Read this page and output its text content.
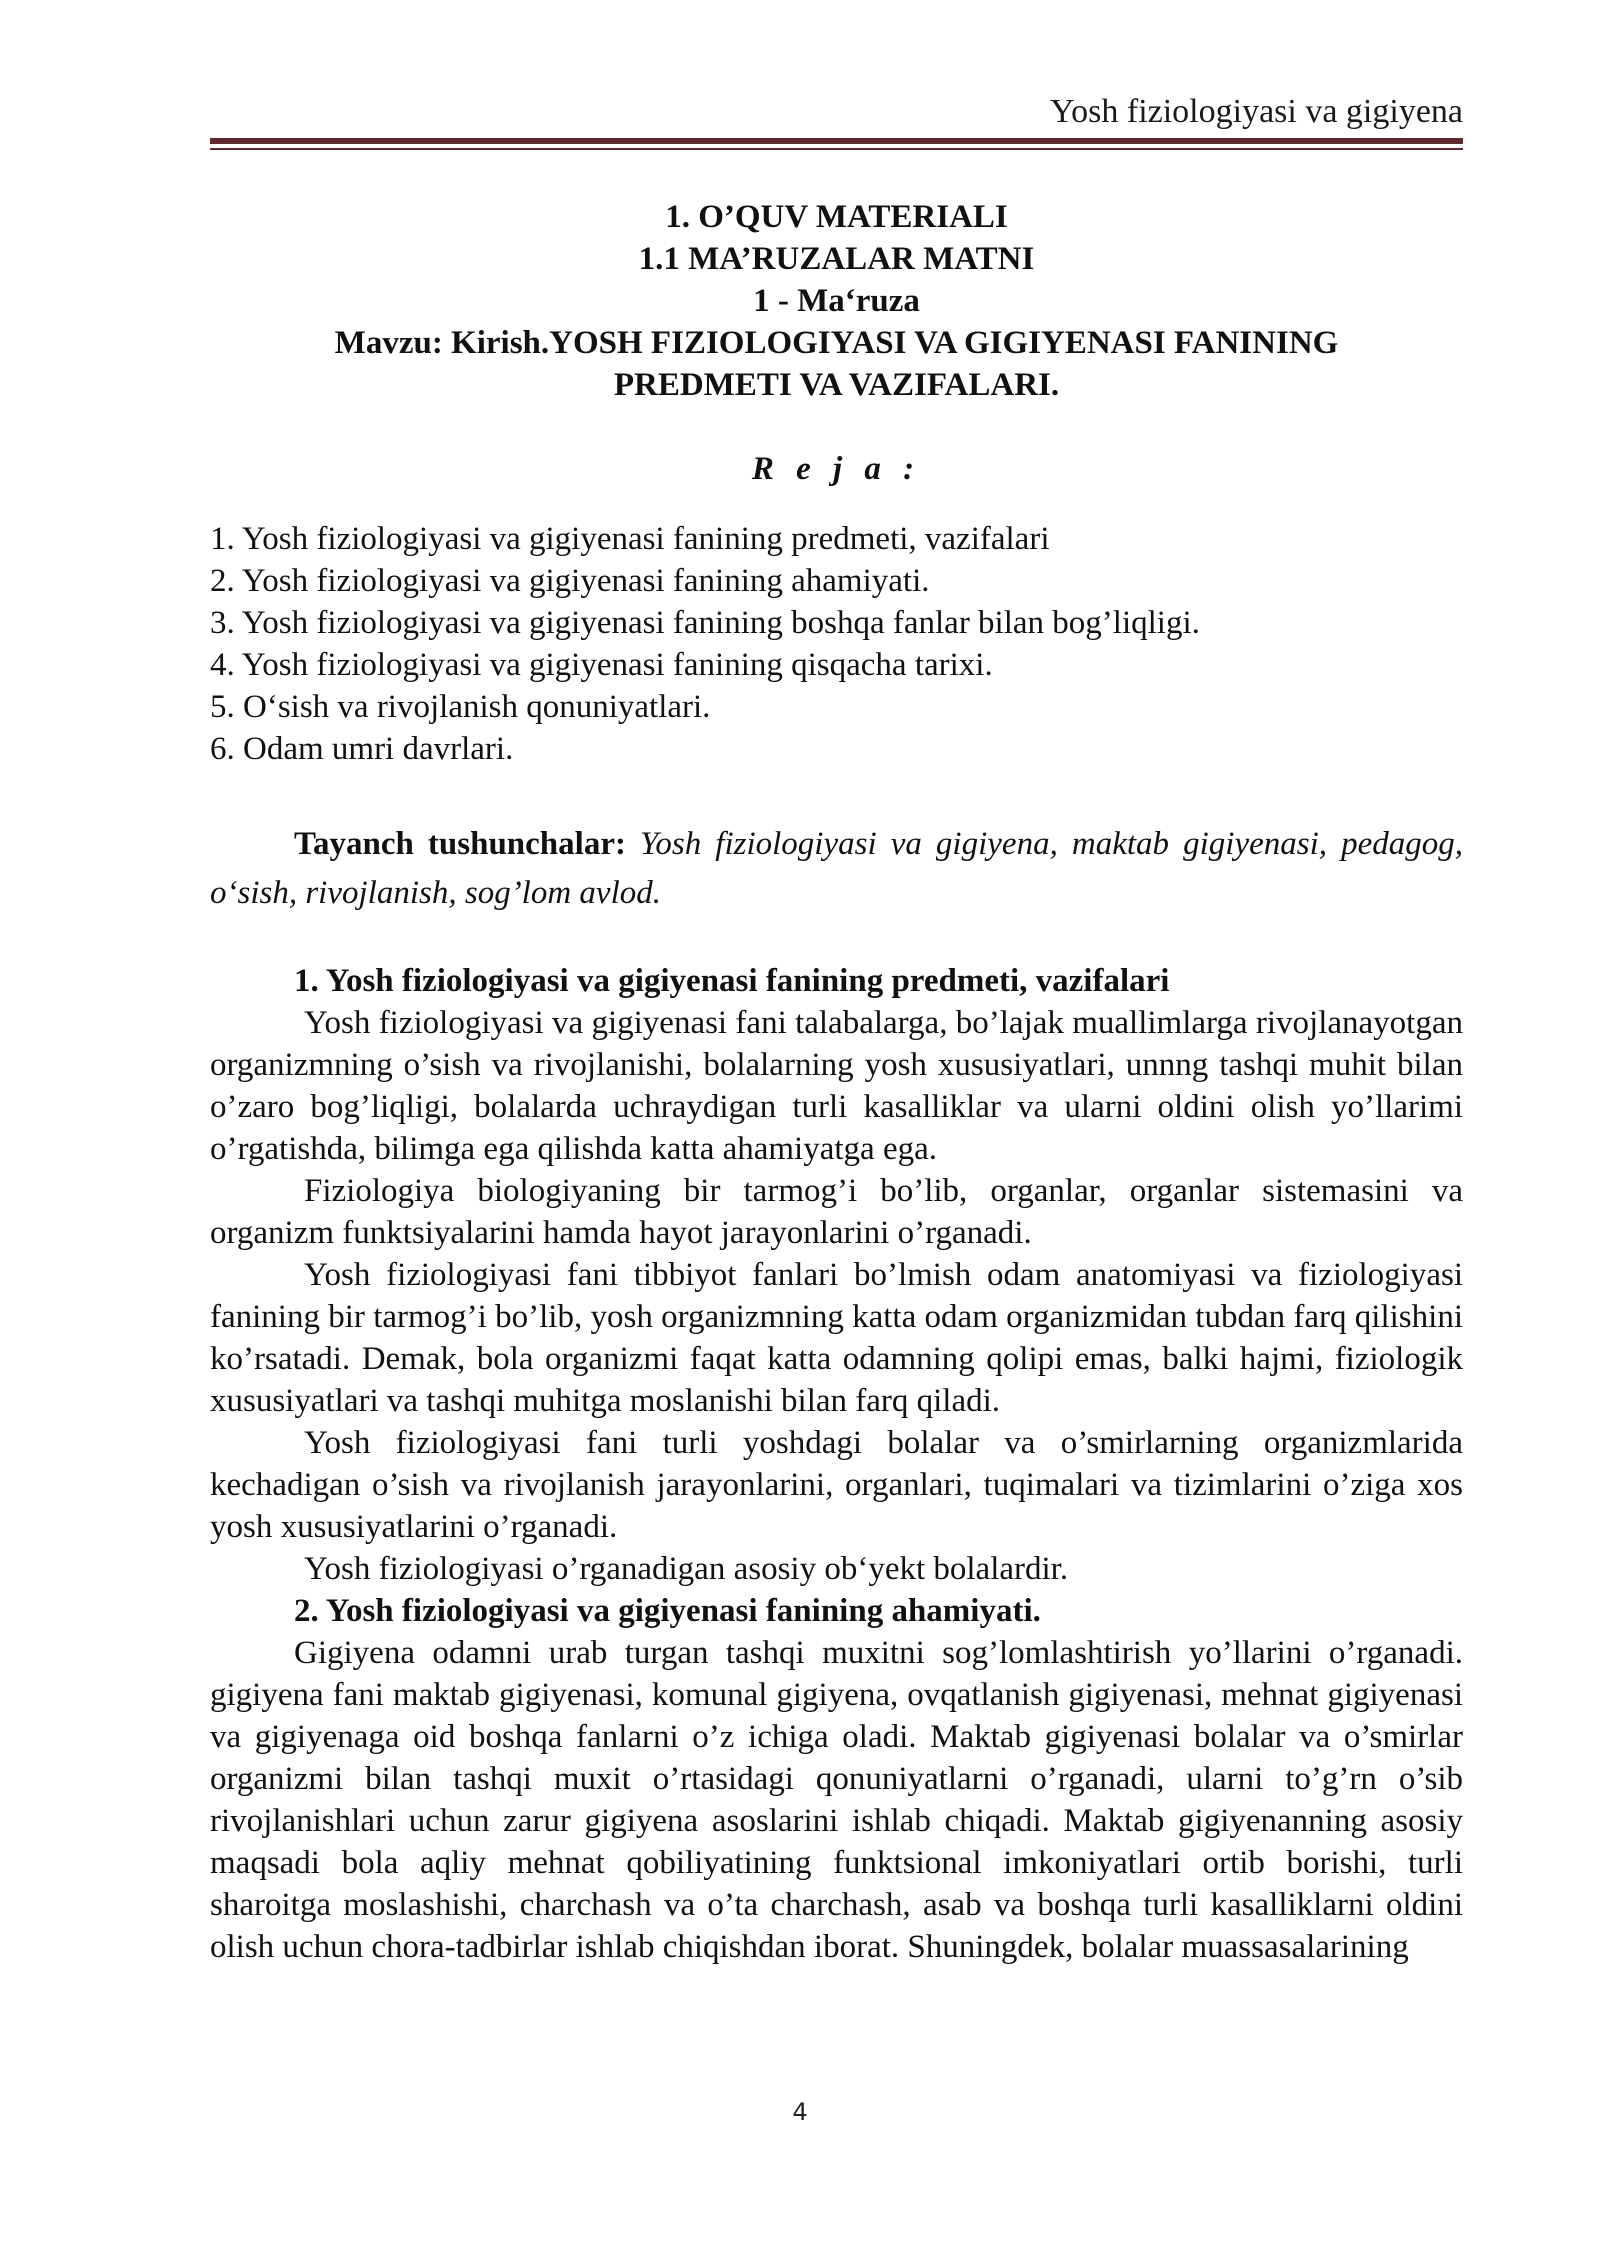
Yosh fiziologiyasi va gigiyena
1. O’QUV MATERIALI
1.1 MA’RUZALAR MATNI
1 - Ma‘ruza
Mavzu: Kirish.YOSH FIZIOLOGIYASI VA GIGIYENASI FANINING
PREDMETI VA VAZIFALARI.
R e j a :
1. Yosh fiziologiyasi va gigiyenasi fanining predmeti, vazifalari
2. Yosh fiziologiyasi va gigiyenasi fanining ahamiyati.
3. Yosh fiziologiyasi va gigiyenasi fanining boshqa fanlar bilan bog’liqligi.
4. Yosh fiziologiyasi va gigiyenasi fanining qisqacha tarixi.
5. O‘sish va rivojlanish qonuniyatlari.
6. Odam umri davrlari.

Tayanch tushunchalar: Yosh fiziologiyasi va gigiyena, maktab gigiyenasi, pedagog, o‘sish, rivojlanish, sog’lom avlod.

1. Yosh fiziologiyasi va gigiyenasi fanining predmeti, vazifalari

Yosh fiziologiyasi va gigiyenasi fani talabalarga, bo’lajak muallimlarga rivojlanayotgan organizmning o’sish va rivojlanishi, bolalarning yosh xususiyatlari, unnng tashqi muhit bilan o’zaro bog’liqligi, bolalarda uchraydigan turli kasalliklar va ularni oldini olish yo’llarimi o’rgatishda, bilimga ega qilishda katta ahamiyatga ega.

Fiziologiya biologiyaning bir tarmog’i bo’lib, organlar, organlar sistemasini va organizm funktsiyalarini hamda hayot jarayonlarini o’rganadi.

Yosh fiziologiyasi fani tibbiyot fanlari bo’lmish odam anatomiyasi va fiziologiyasi fanining bir tarmog’i bo’lib, yosh organizmning katta odam organizmidan tubdan farq qilishini ko’rsatadi. Demak, bola organizmi faqat katta odamning qolipi emas, balki hajmi, fiziologik xususiyatlari va tashqi muhitga moslanishi bilan farq qiladi.

Yosh fiziologiyasi fani turli yoshdagi bolalar va o’smirlarning organizmlarida kechadigan o’sish va rivojlanish jarayonlarini, organlari, tuqimalari va tizimlarini o’ziga xos yosh xususiyatlarini o’rganadi.

Yosh fiziologiyasi o’rganadigan asosiy ob‘yekt bolalardir.

2. Yosh fiziologiyasi va gigiyenasi fanining ahamiyati.

Gigiyena odamni urab turgan tashqi muxitni sog’lomlashtirish yo’llarini o’rganadi. gigiyena fani maktab gigiyenasi, komunal gigiyena, ovqatlanish gigiyenasi, mehnat gigiyenasi va gigiyenaga oid boshqa fanlarni o’z ichiga oladi. Maktab gigiyenasi bolalar va o’smirlar organizmi bilan tashqi muxit o’rtasidagi qonuniyatlarni o’rganadi, ularni to’g’rn o’sib rivojlanishlari uchun zarur gigiyena asoslarini ishlab chiqadi. Maktab gigiyenanning asosiy maqsadi bola aqliy mehnat qobiliyatining funktsional imkoniyatlari ortib borishi, turli sharoitga moslashishi, charchash va o’ta charchash, asab va boshqa turli kasalliklarni oldini olish uchun chora-tadbirlar ishlab chiqishdan iborat. Shuningdek, bolalar muassasalarining

4
